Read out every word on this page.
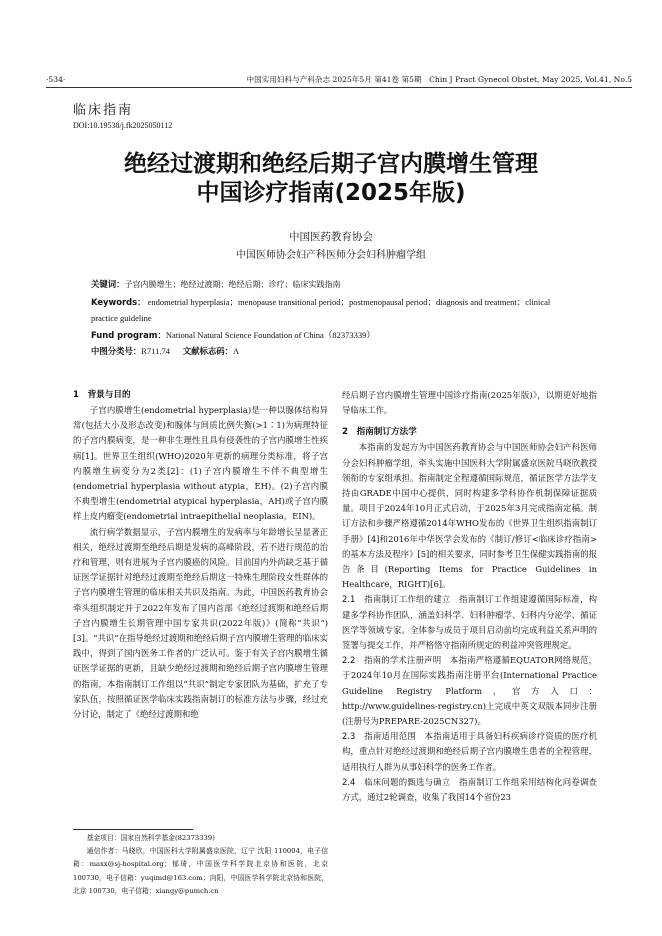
·534·	中国实用妇科与产科杂志 2025年5月 第41卷 第5期　Chin J Pract Gynecol Obstet, May 2025, Vol.41, No.5
临床指南
DOI:10.19538/j.fk2025050112
绝经过渡期和绝经后期子宫内膜增生管理
中国诊疗指南(2025年版)
中国医药教育协会
中国医师协会妇产科医师分会妇科肿瘤学组
关键词：子宫内膜增生；绝经过渡期；绝经后期；诊疗；临床实践指南
Keywords： endometrial hyperplasia；menopause transitional period；postmenopausal period；diagnosis and treatment；clinical practice guideline
Fund program：National Natural Science Foundation of China（82373339）
中图分类号：R711.74 文献标志码：A
1　背景与目的

子宫内膜增生(endometrial hyperplasia)是一种以腺体结构异常(包括大小及形态改变)和腺体与间质比例失衡(>1∶1)为病理特征的子宫内膜病变，是一种非生理性且具有侵袭性的子宫内膜增生性疾病[1]。世界卫生组织(WHO)2020年更新的病理分类标准，将子宫内膜增生病变分为2类[2]：(1)子宫内膜增生不伴不典型增生(endometrial hyperplasia without atypia，EH)。(2)子宫内膜不典型增生(endometrial atypical hyperplasia，AH)或子宫内膜样上皮内瘤变(endometrial intraepithelial neoplasia，EIN)。

流行病学数据显示，子宫内膜增生的发病率与年龄增长呈显著正相关，绝经过渡期至绝经后期是发病的高峰阶段，若不进行规范的治疗和管理，则有进展为子宫内膜癌的风险。目前国内外尚缺乏基于循证医学证据针对绝经过渡期至绝经后期这一特殊生理阶段女性群体的子宫内膜增生管理的临床相关共识及指南。为此，中国医药教育协会牵头组织制定并于2022年发布了国内首部《绝经过渡期和绝经后期子宫内膜增生长期管理中国专家共识(2022年版)》(简称“共识”)[3]。“共识”在指导绝经过渡期和绝经后期子宫内膜增生管理的临床实践中，得到了国内医务工作者的广泛认可。鉴于有关子宫内膜增生循证医学证据的更新，且缺少绝经过渡期和绝经后期子宫内膜增生管理的指南，本指南制订工作组以“共识”制定专家团队为基础，扩充了专家队伍，按照循证医学临床实践指南制订的标准方法与步骤，经过充分讨论，制定了《绝经过渡期和绝

经后期子宫内膜增生管理中国诊疗指南(2025年版)》，以期更好地指导临床工作。

2　指南制订方法学

本指南的发起方为中国医药教育协会与中国医师协会妇产科医师分会妇科肿瘤学组，牵头实施中国医科大学附属盛京医院马晓欣教授领衔的专家组承担。指南制定全程遵循国际规范，循证医学方法学支持由GRADE中国中心提供，同时构建多学科协作机制保障证据质量。项目于2024年10月正式启动，于2025年3月完成指南定稿。制订方法和步骤严格遵循2014年WHO发布的《世界卫生组织指南制订手册》[4]和2016年中华医学会发布的《制订/修订<临床诊疗指南>的基本方法及程序》[5]的相关要求，同时参考卫生保健实践指南的报告条目(Reporting Items for Practice Guidelines in Healthcare，RIGHT)[6]。

2.1　指南制订工作组的建立　指南制订工作组建遵循国际标准，构建多学科协作团队，涵盖妇科学、妇科肿瘤学、妇科内分泌学、循证医学等领域专家。全体参与成员于项目启动前均完成利益关系声明的签署与提交工作，并严格恪守指南所规定的利益冲突管理规定。

2.2　指南的学术注册声明　本指南严格遵循EQUATOR网络规范，于2024年10月在国际实践指南注册平台(International Practice Guideline Registry Platform，官方入口：http://www.guidelines-registry.cn)上完成中英文双版本同步注册(注册号为PREPARE-2025CN327)。

2.3　指南适用范围　本指南适用于具备妇科疾病诊疗资质的医疗机构，重点针对绝经过渡期和绝经后期子宫内膜增生患者的全程管理，适用执行人群为从事妇科学的医务工作者。

2.4　临床问题的甄选与确立　指南制订工作组采用结构化问卷调查方式，通过2轮调查，收集了我国14个省份23

基金项目：国家自然科学基金(82373339)

通信作者：马晓欣，中国医科大学附属盛京医院，辽宁 沈阳 110004，电子信箱：maxx@sj-hospital.org；郁琦，中国医学科学院北京协和医院，北京 100730，电子信箱：yuqimd@163.com；向阳，中国医学科学院北京协和医院，北京 100730，电子信箱：xiangy@pumch.cn
